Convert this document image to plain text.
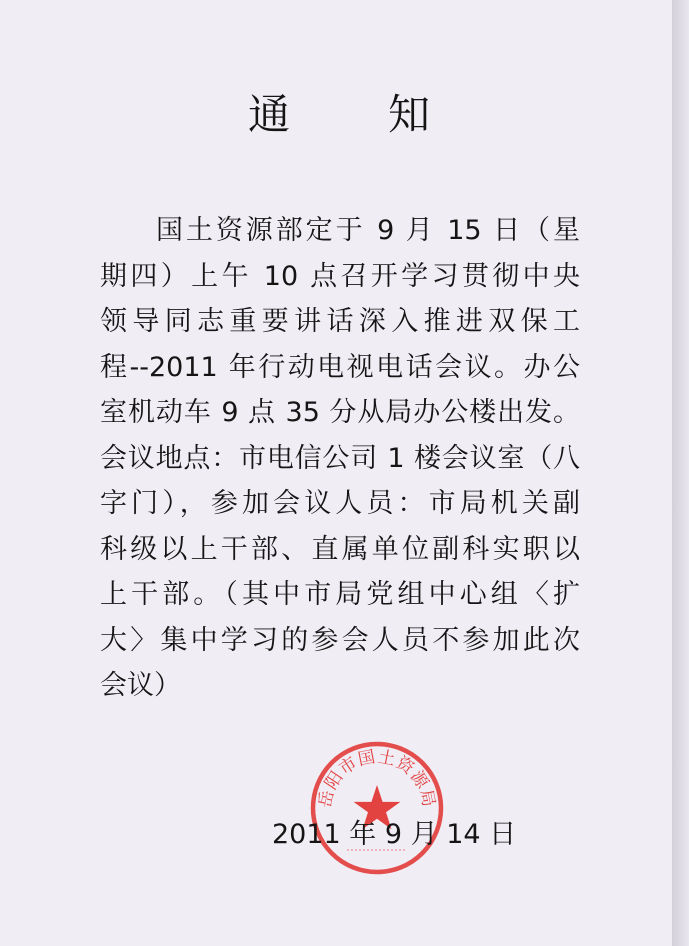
通 知
国土资源部定于 9 月 15 日（星
期四）上午 10 点召开学习贯彻中央
领导同志重要讲话深入推进双保工
程--2011 年行动电视电话会议。办公
室机动车 9 点 35 分从局办公楼出发。
会议地点：市电信公司 1 楼会议室（八
字门），参加会议人员：市局机关副
科级以上干部、直属单位副科实职以
上干部。（其中市局党组中心组〈扩
大〉集中学习的参会人员不参加此次
会议）
岳阳市国土资源局
2011 年 9 月 14 日
